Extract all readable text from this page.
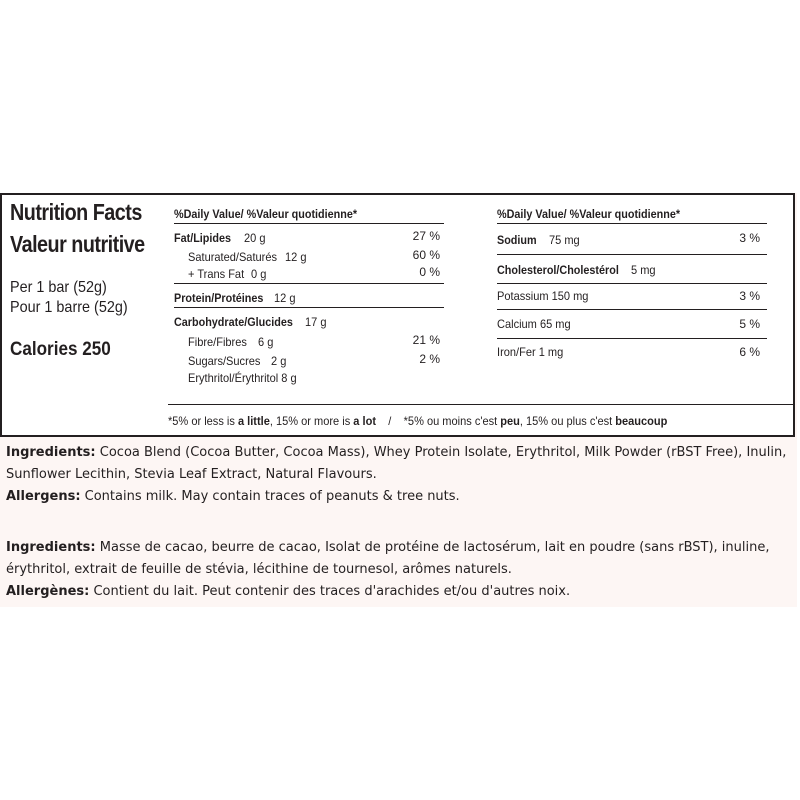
Nutrition Facts
Valeur nutritive
Per 1 bar (52g)
Pour 1 barre (52g)
Calories 250
%Daily Value/ %Valeur quotidienne*
Fat/Lipides 20 g	27 %
Saturated/Saturés 12 g	60 %
+ Trans Fat 0 g	0 %
Protein/Protéines 12 g
Carbohydrate/Glucides 17 g
Fibre/Fibres 6 g	21 %
Sugars/Sucres 2 g	2 %
Erythritol/Érythritol 8 g
%Daily Value/ %Valeur quotidienne*
Sodium 75 mg	3 %
Cholesterol/Cholestérol 5 mg
Potassium 150 mg	3 %
Calcium 65 mg	5 %
Iron/Fer 1 mg	6 %
*5% or less is a little, 15% or more is a lot / *5% ou moins c'est peu, 15% ou plus c'est beaucoup
Ingredients: Cocoa Blend (Cocoa Butter, Cocoa Mass), Whey Protein Isolate, Erythritol, Milk Powder (rBST Free), Inulin, Sunflower Lecithin, Stevia Leaf Extract, Natural Flavours.
Allergens: Contains milk. May contain traces of peanuts & tree nuts.
Ingredients: Masse de cacao, beurre de cacao, Isolat de protéine de lactosérum, lait en poudre (sans rBST), inuline, érythritol, extrait de feuille de stévia, lécithine de tournesol, arômes naturels.
Allergènes: Contient du lait. Peut contenir des traces d'arachides et/ou d'autres noix.
